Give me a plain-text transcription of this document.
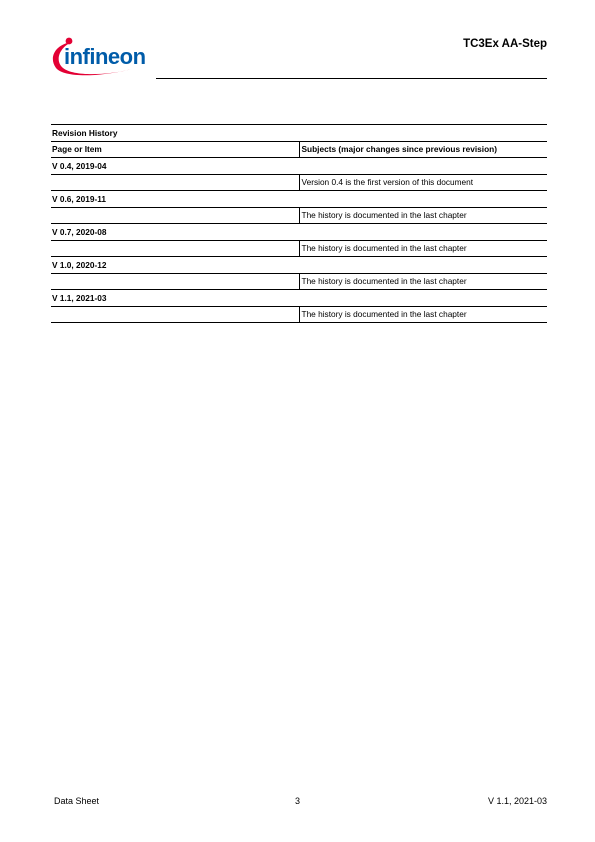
infineon	TC3Ex AA-Step
Revision History	
Page or Item	Subjects (major changes since previous revision)
V 0.4, 2019-04	
	Version 0.4 is the first version of this document
V 0.6, 2019-11	
	The history is documented in the last chapter
V 0.7, 2020-08	
	The history is documented in the last chapter
V 1.0, 2020-12	
	The history is documented in the last chapter
V 1.1, 2021-03	
	The history is documented in the last chapter
Data Sheet	3	V 1.1, 2021-03
